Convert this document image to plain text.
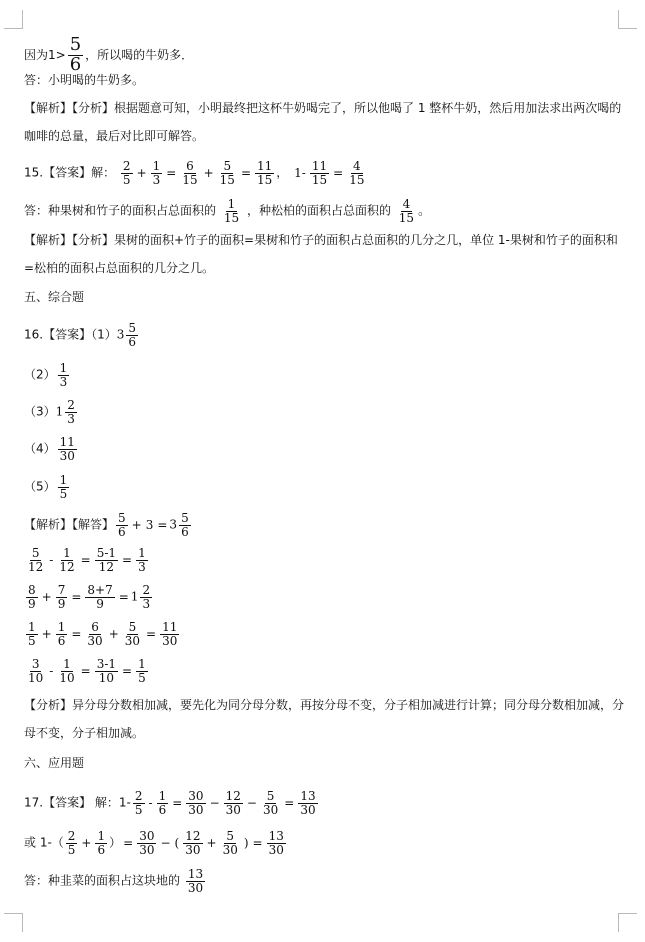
因为$1> \frac{5}{6}$ ，所以喝的牛奶多．
答：小明喝的牛奶多。
【解析】【分析】根据题意可知，小明最终把这杯牛奶喝完了，所以他喝了 1 整杯牛奶，然后用加法求出两次喝的咖啡的总量，最后对比即可解答。
15.【答案】解： $\frac{2}{5} + \frac{1}{3} = \frac{6}{15} + \frac{5}{15} = \frac{11}{15}$ ， $1- \frac{11}{15} = \frac{4}{15}$
答：种果树和竹子的面积占总面积的 $\frac{1}{15}$ ，种松柏的面积占总面积的 $\frac{4}{15}$ 。
【解析】【分析】果树的面积+竹子的面积=果树和竹子的面积占总面积的几分之几，单位 1-果树和竹子的面积和=松柏的面积占总面积的几分之几。
五、综合题
16.【答案】$(1)3 \frac{5}{6}$
$(2) \frac{1}{3}$
$(3)1 \frac{2}{3}$
$(4) \frac{11}{30}$
$(5) \frac{1}{5}$
【解析】【解答】 $\frac{5}{6} + 3 = 3 \frac{5}{6}$
$\frac{5}{12} - \frac{1}{12} = \frac{5-1}{12} = \frac{1}{3}$
$\frac{8}{9} + \frac{7}{9} = \frac{8+7}{9} = 1 \frac{2}{3}$
$\frac{1}{5} + \frac{1}{6} = \frac{6}{30} + \frac{5}{30} = \frac{11}{30}$
$\frac{3}{10} - \frac{1}{10} = \frac{3-1}{10} = \frac{1}{5}$
【分析】异分母分数相加减，要先化为同分母分数，再按分母不变，分子相加减进行计算；同分母分数相加减，分母不变，分子相加减。
六、应用题
17.【答案】 解：$1- \frac{2}{5} - \frac{1}{6} = \frac{30}{30} - \frac{12}{30} - \frac{5}{30} = \frac{13}{30}$
或 $1-( \frac{2}{5} + \frac{1}{6}$ ） = $\frac{30}{30}$ − ( $\frac{12}{30} + \frac{5}{30}$ ) = $\frac{13}{30}$
答：种韭菜的面积占这块地的 $\frac{13}{30}$
